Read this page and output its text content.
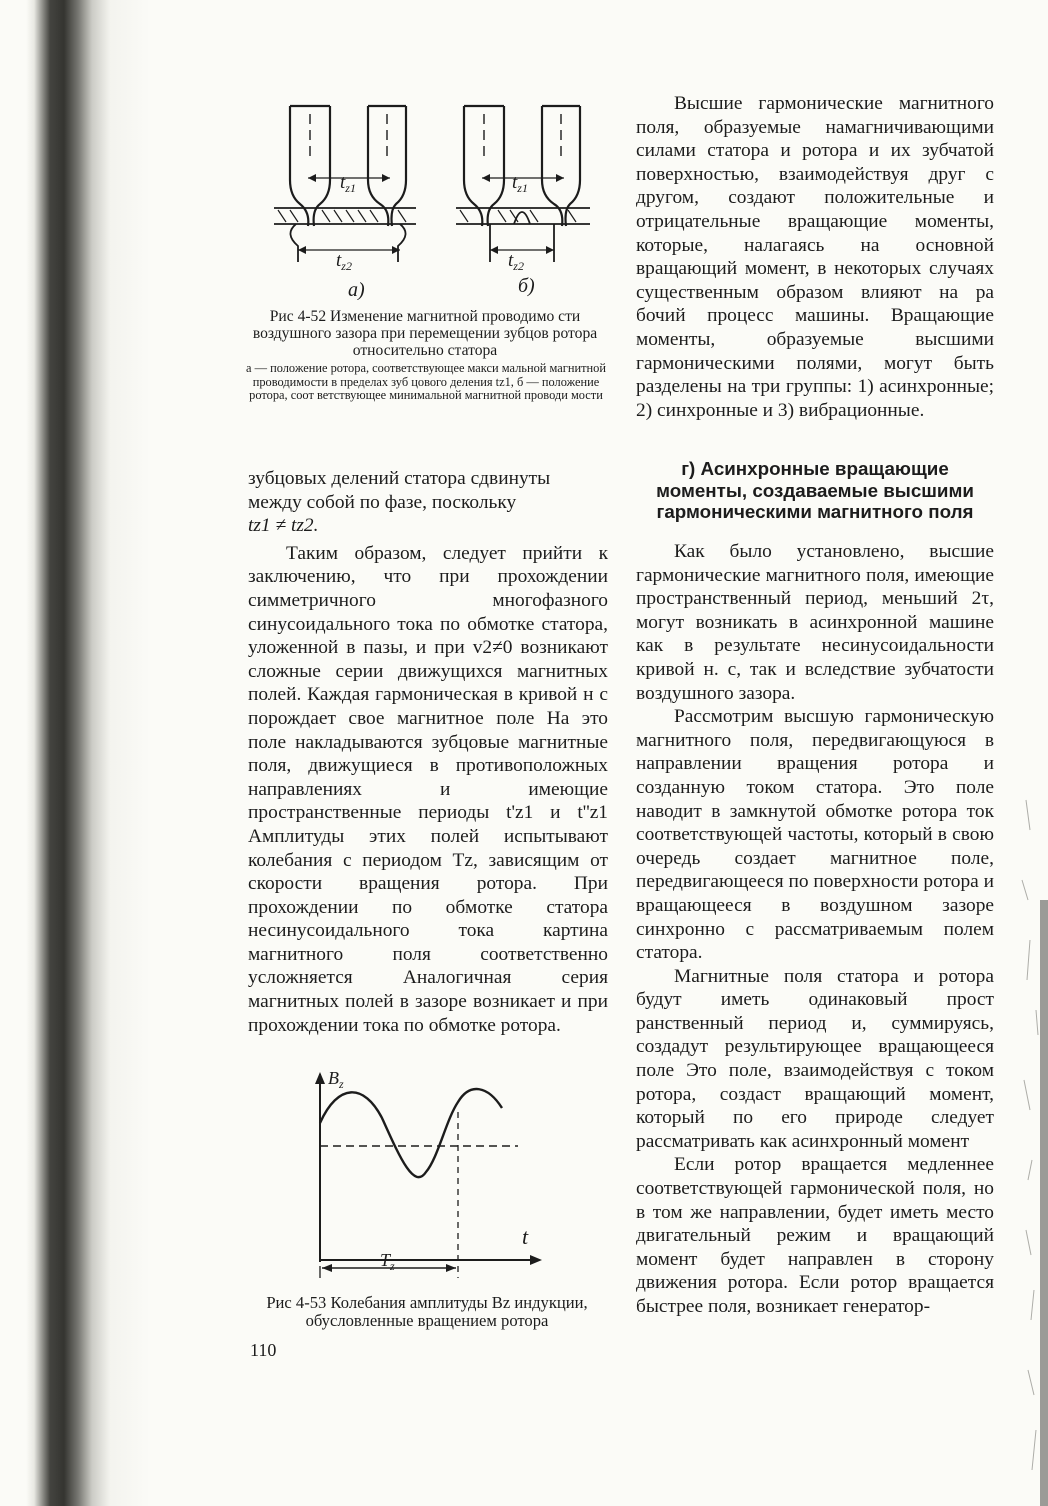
$t_{z1}$
$t_{z2}$
$t_{z1}$
$t_{z2}$
а)	б)
Рис 4-52 Изменение магнитной проводимо сти воздушного зазора при перемещении зубцов ротора относительно статора
а — положение ротора, соответствующее макси мальной магнитной проводимости в пределах зуб цового деления tz1, б — положение ротора, соот ветствующее минимальной магнитной проводи мости

зубцовых делений статора сдвинуты

между собой по фазе, поскольку

tz1 ≠ tz2.

Таким образом, следует прийти к заключению, что при прохождении симметричного многофазного синусоидального тока по обмотке статора, уложенной в пазы, и при v2≠0 возникают сложные серии движущихся магнитных полей. Каждая гармоническая в кривой н с порождает свое магнитное поле На это поле накладываются зубцовые магнитные поля, движущиеся в противоположных направлениях и имеющие пространственные периоды t'z1 и t''z1 Амплитуды этих полей испытывают колебания с периодом Tz, зависящим от скорости вращения ротора. При прохождении по обмотке статора несинусоидального тока картина магнитного поля соответственно усложняется Аналогичная серия магнитных полей в зазоре возникает и при прохождении тока по обмотке ротора.

$B_z$
t
$T_z$
Рис 4-53 Колебания амплитуды Bz индукции, обусловленные вращением ротора
110

Высшие гармонические магнитного поля, образуемые намагничивающими силами статора и ротора и их зубчатой поверхностью, взаимодействуя друг с другом, создают положительные и отрицательные вращающие моменты, которые, налагаясь на основной вращающий момент, в некоторых случаях существенным образом влияют на ра бочий процесс машины. Вращающие моменты, образуемые высшими гармоническими полями, могут быть разделены на три группы: 1) асинхронные; 2) синхронные и 3) вибрационные.

г) Асинхронные вращающие моменты, создаваемые высшими гармоническими магнитного поля

Как было установлено, высшие гармонические магнитного поля, имеющие пространственный период, меньший 2τ, могут возникать в асинхронной машине как в результате несинусоидальности кривой н. с, так и вследствие зубчатости воздушного зазора.

Рассмотрим высшую гармоническую магнитного поля, передвигающуюся в направлении вращения ротора и созданную током статора. Это поле наводит в замкнутой обмотке ротора ток соответствующей частоты, который в свою очередь создает магнитное поле, передвигающееся по поверхности ротора и вращающееся в воздушном зазоре синхронно с рассматриваемым полем статора.

Магнитные поля статора и ротора будут иметь одинаковый прост ранственный период и, суммируясь, создадут результирующее вращающееся поле Это поле, взаимодействуя с током ротора, создаст вращающий момент, который по его природе следует рассматривать как асинхронный момент

Если ротор вращается медленнее соответствующей гармонической поля, но в том же направлении, будет иметь место двигательный режим и вращающий момент будет направлен в сторону движения ротора. Если ротор вращается быстрее поля, возникает генератор-
